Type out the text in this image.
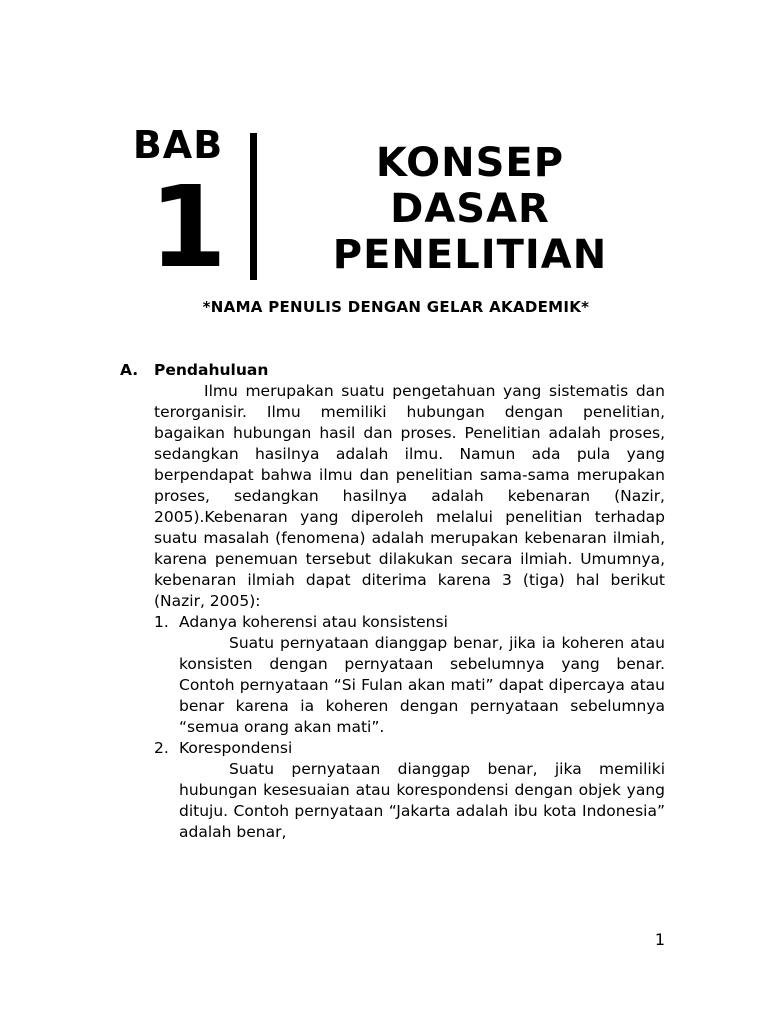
BAB
1	KONSEP
DASAR
PENELITIAN
*NAMA PENULIS DENGAN GELAR AKADEMIK*
A. Pendahuluan

Ilmu merupakan suatu pengetahuan yang sistematis dan terorganisir. Ilmu memiliki hubungan dengan penelitian, bagaikan hubungan hasil dan proses. Penelitian adalah proses, sedangkan hasilnya adalah ilmu. Namun ada pula yang berpendapat bahwa ilmu dan penelitian sama-sama merupakan proses, sedangkan hasilnya adalah kebenaran (Nazir, 2005).Kebenaran yang diperoleh melalui penelitian terhadap suatu masalah (fenomena) adalah merupakan kebenaran ilmiah, karena penemuan tersebut dilakukan secara ilmiah. Umumnya, kebenaran ilmiah dapat diterima karena 3 (tiga) hal berikut (Nazir, 2005):

1. Adanya koherensi atau konsistensi

Suatu pernyataan dianggap benar, jika ia koheren atau konsisten dengan pernyataan sebelumnya yang benar. Contoh pernyataan “Si Fulan akan mati” dapat dipercaya atau benar karena ia koheren dengan pernyataan sebelumnya “semua orang akan mati”.

2. Korespondensi

Suatu pernyataan dianggap benar, jika memiliki hubungan kesesuaian atau korespondensi dengan objek yang dituju. Contoh pernyataan “Jakarta adalah ibu kota Indonesia” adalah benar,

1
